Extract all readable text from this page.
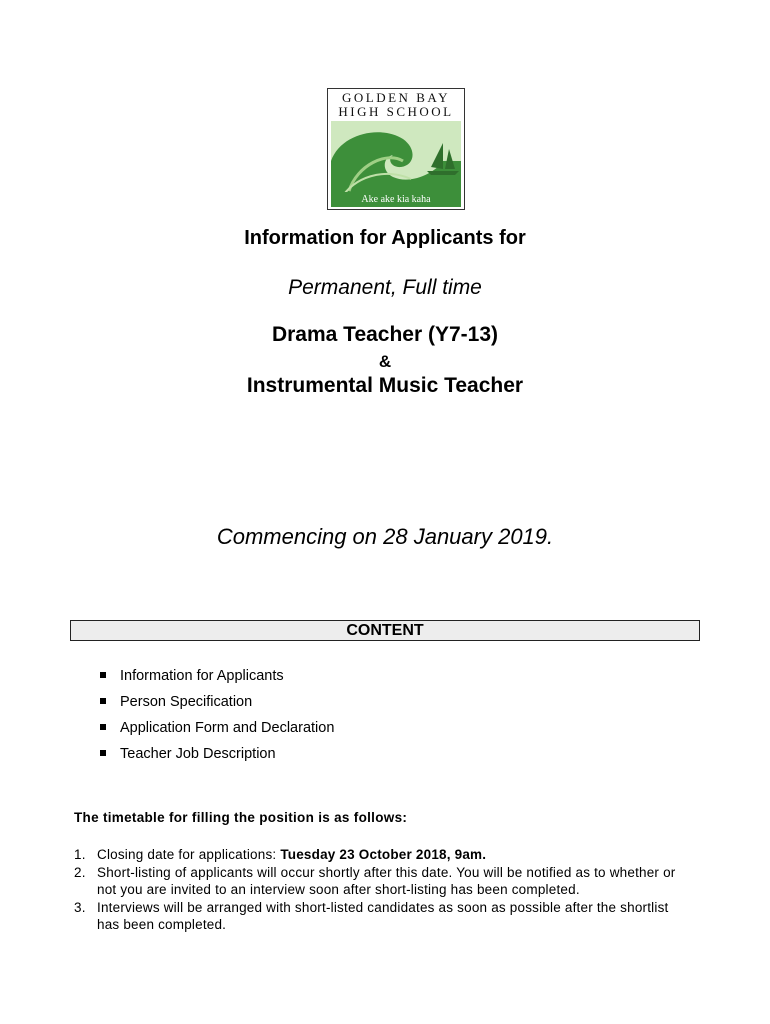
GOLDEN BAY
HIGH SCHOOL
Ake ake kia kaha
Information for Applicants for
Permanent, Full time
Drama Teacher (Y7-13)
&
Instrumental Music Teacher
Commencing on 28 January 2019.
CONTENT
Information for Applicants
Person Specification
Application Form and Declaration
Teacher Job Description
The timetable for filling the position is as follows:
1. Closing date for applications: Tuesday 23 October 2018, 9am.
2. Short-listing of applicants will occur shortly after this date. You will be notified as to whether or not you are invited to an interview soon after short-listing has been completed.
3. Interviews will be arranged with short-listed candidates as soon as possible after the shortlist has been completed.
